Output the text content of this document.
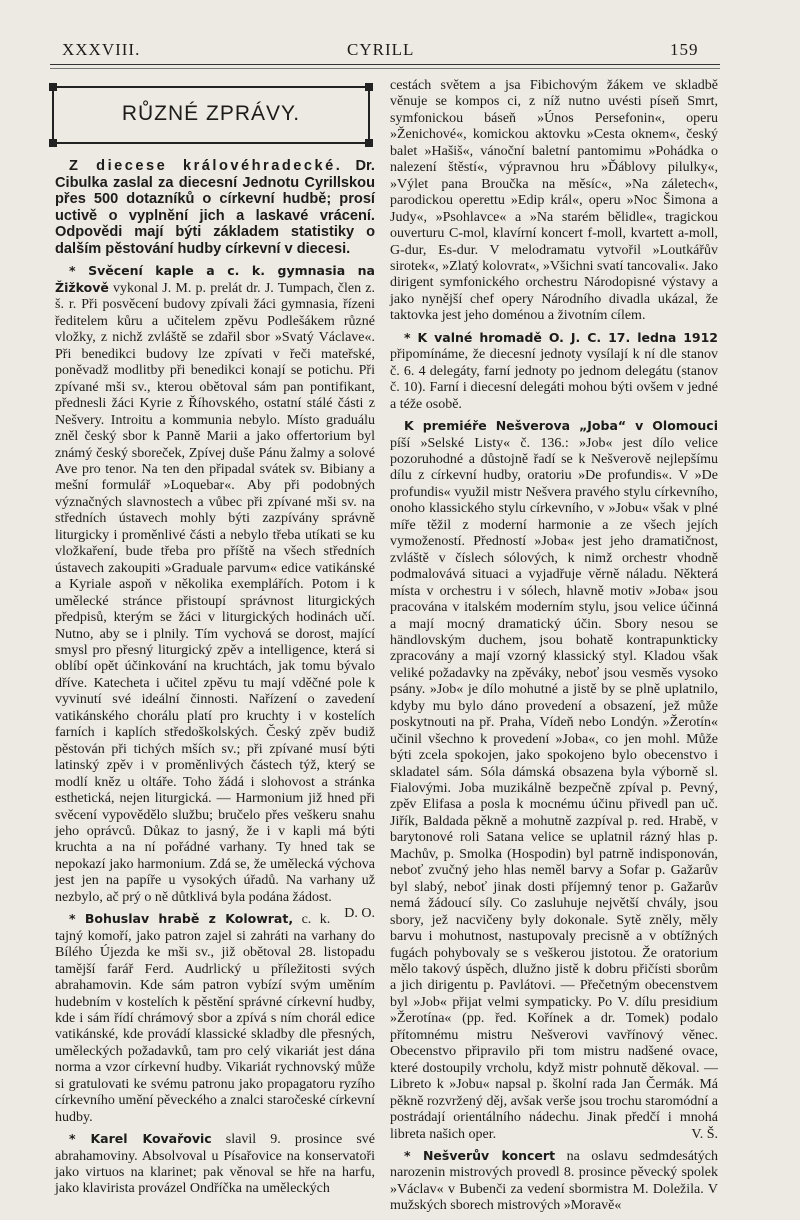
XXXVIII.	CYRILL	159
RŮZNÉ ZPRÁVY.

Z diecese královéhradecké. Dr. Cibulka zaslal za diecesní Jednotu Cyrillskou přes 500 dotazníků o církevní hudbě; prosí uctivě o vyplnění jich a laskavé vrácení. Odpovědi mají býti základem statistiky o dalším pěstování hudby církevní v diecesi.

* Svěcení kaple a c. k. gymnasia na Žižkově vykonal J. M. p. prelát dr. J. Tumpach, člen z. š. r. Při posvěcení budovy zpívali žáci gymnasia, řízeni ředitelem kůru a učitelem zpěvu Podlešákem různé vložky, z nichž zvláště se zdařil sbor »Svatý Václave«. Při benedikci budovy lze zpívati v řeči mateřské, poněvadž modlitby při benedikci konají se potichu. Při zpívané mši sv., kterou obětoval sám pan pontifikant, přednesli žáci Kyrie z Říhovského, ostatní stálé části z Nešvery. Introitu a kommunia nebylo. Místo graduálu zněl český sbor k Panně Marii a jako offertorium byl známý český sboreček, Zpívej duše Pánu žalmy a solové Ave pro tenor. Na ten den připadal svátek sv. Bibiany a mešní formulář »Loquebar«. Aby při podobných význačných slavnostech a vůbec při zpívané mši sv. na středních ústavech mohly býti zazpívány správně liturgicky i proměnlivé části a nebylo třeba utíkati se ku vložkaření, bude třeba pro příště na všech středních ústavech zakoupiti »Graduale parvum« edice vatikánské a Kyriale aspoň v několika exemplářích. Potom i k umělecké stránce přistoupí správnost liturgických předpisů, kterým se žáci v liturgických hodinách učí. Nutno, aby se i plnily. Tím vychová se dorost, mající smysl pro přesný liturgický zpěv a intelligence, která si oblíbí opět účinkování na kruchtách, jak tomu bývalo dříve. Katecheta i učitel zpěvu tu mají vděčné pole k vyvinutí své ideální činnosti. Nařízení o zavedení vatikánského chorálu platí pro kruchty i v kostelích farních i kaplích středoškolských. Český zpěv budiž pěstován při tichých mších sv.; při zpívané musí býti latinský zpěv i v proměnlivých částech týž, který se modlí kněz u oltáře. Toho žádá i slohovost a stránka esthetická, nejen liturgická. — Harmonium již hned při svěcení vypovědělo službu; bručelo přes veškeru snahu jeho oprávců. Důkaz to jasný, že i v kapli má býti kruchta a na ní pořádné varhany. Ty hned tak se nepokazí jako harmonium. Zdá se, že umělecká výchova jest jen na papíře u vysokých úřadů. Na varhany už nezbylo, ač prý o ně důtklivá byla podána žádost.
D. O.

* Bohuslav hrabě z Kolowrat, c. k. tajný komoří, jako patron zajel si zahráti na varhany do Bílého Újezda ke mši sv., již obětoval 28. listopadu tamější farář Ferd. Audrlický u příležitosti svých abrahamovin. Kde sám patron vybízí svým uměním hudebním v kostelích k pěstění správné církevní hudby, kde i sám řídí chrámový sbor a zpívá s ním chorál edice vatikánské, kde provádí klassické skladby dle přesných, uměleckých požadavků, tam pro celý vikariát jest dána norma a vzor církevní hudby. Vikariát rychnovský může si gratulovati ke svému patronu jako propagatoru ryzího církevního umění pěveckého a znalci staročeské církevní hudby.

* Karel Kovařovic slavil 9. prosince své abrahamoviny. Absolvoval u Písařovice na konservatoři jako virtuos na klarinet; pak věnoval se hře na harfu, jako klavirista provázel Ondříčka na uměleckých

cestách světem a jsa Fibichovým žákem ve skladbě věnuje se kompos ci, z níž nutno uvésti píseň Smrt, symfonickou báseň »Únos Persefonin«, operu »Ženichové«, komickou aktovku »Cesta oknem«, český balet »Hašiš«, vánoční baletní pantomimu »Pohádka o nalezení štěstí«, výpravnou hru »Ďáblovy pilulky«, »Výlet pana Broučka na měsíc«, »Na záletech«, parodickou operettu »Edip král«, operu »Noc Šimona a Judy«, »Psohlavce« a »Na starém bělidle«, tragickou ouverturu C-mol, klavírní koncert f-moll, kvartett a-moll, G-dur, Es-dur. V melodramatu vytvořil »Loutkářův sirotek«, »Zlatý kolovrat«, »Všichni svatí tancovali«. Jako dirigent symfonického orchestru Národopisné výstavy a jako nynější chef opery Národního divadla ukázal, že taktovka jest jeho doménou a životním cílem.

* K valné hromadě O. J. C. 17. ledna 1912 připomínáme, že diecesní jednoty vysílají k ní dle stanov č. 6. 4 delegáty, farní jednoty po jednom delegátu (stanov č. 10). Farní i diecesní delegáti mohou býti ovšem v jedné a téže osobě.

K premiéře Nešverova „Joba“ v Olomouci píší »Selské Listy« č. 136.: »Job« jest dílo velice pozoruhodné a důstojně řadí se k Nešverově nejlepšímu dílu z církevní hudby, oratoriu »De profundis«. V »De profundis« využil mistr Nešvera pravého stylu církevního, onoho klassického stylu církevního, v »Jobu« však v plné míře těžil z moderní harmonie a ze všech jejích vymožeností. Předností »Joba« jest jeho dramatičnost, zvláště v číslech sólových, k nimž orchestr vhodně podmalovává situaci a vyjadřuje věrně náladu. Některá místa v orchestru i v sólech, hlavně motiv »Joba« jsou pracována v italském moderním stylu, jsou velice účinná a mají mocný dramatický účin. Sbory nesou se händlovským duchem, jsou bohatě kontrapunkticky zpracovány a mají vzorný klassický styl. Kladou však veliké požadavky na zpěváky, neboť jsou vesměs vysoko psány. »Job« je dílo mohutné a jistě by se plně uplatnilo, kdyby mu bylo dáno provedení a obsazení, jež může poskytnouti na př. Praha, Vídeň nebo Londýn. »Žerotín« učinil všechno k provedení »Joba«, co jen mohl. Může býti zcela spokojen, jako spokojeno bylo obecenstvo i skladatel sám. Sóla dámská obsazena byla výborně sl. Fialovými. Joba muzikálně bezpečně zpíval p. Pevný, zpěv Elifasa a posla k mocnému účinu přivedl pan uč. Jiřík, Baldada pěkně a mohutně zazpíval p. red. Hrabě, v barytonové roli Satana velice se uplatnil rázný hlas p. Machův, p. Smolka (Hospodin) byl patrně indisponován, neboť zvučný jeho hlas neměl barvy a Sofar p. Gažarův byl slabý, neboť jinak dosti příjemný tenor p. Gažarův nemá žádoucí síly. Co zasluhuje největší chvály, jsou sbory, jež nacvičeny byly dokonale. Sytě zněly, měly barvu i mohutnost, nastupovaly precisně a v obtížných fugách pohybovaly se s veškerou jistotou. Že oratorium mělo takový úspěch, dlužno jistě k dobru přičísti sborům a jich dirigentu p. Pavlátovi. — Přečetným obecenstvem byl »Job« přijat velmi sympaticky. Po V. dílu presidium »Žerotína« (pp. řed. Kořínek a dr. Tomek) podalo přítomnému mistru Nešverovi vavřínový věnec. Obecenstvo připravilo při tom mistru nadšené ovace, které dostoupily vrcholu, když mistr pohnutě děkoval. — Libreto k »Jobu« napsal p. školní rada Jan Čermák. Má pěkně rozvržený děj, avšak verše jsou trochu staromódní a postrádají orientálního nádechu. Jinak předčí i mnohá libreta našich oper.	V. Š.

* Nešverův koncert na oslavu sedmdesátých narozenin mistrových provedl 8. prosince pěvecký spolek »Václav« v Bubenči za vedení sbormistra M. Doležila. V mužských sborech mistrových »Moravě«
